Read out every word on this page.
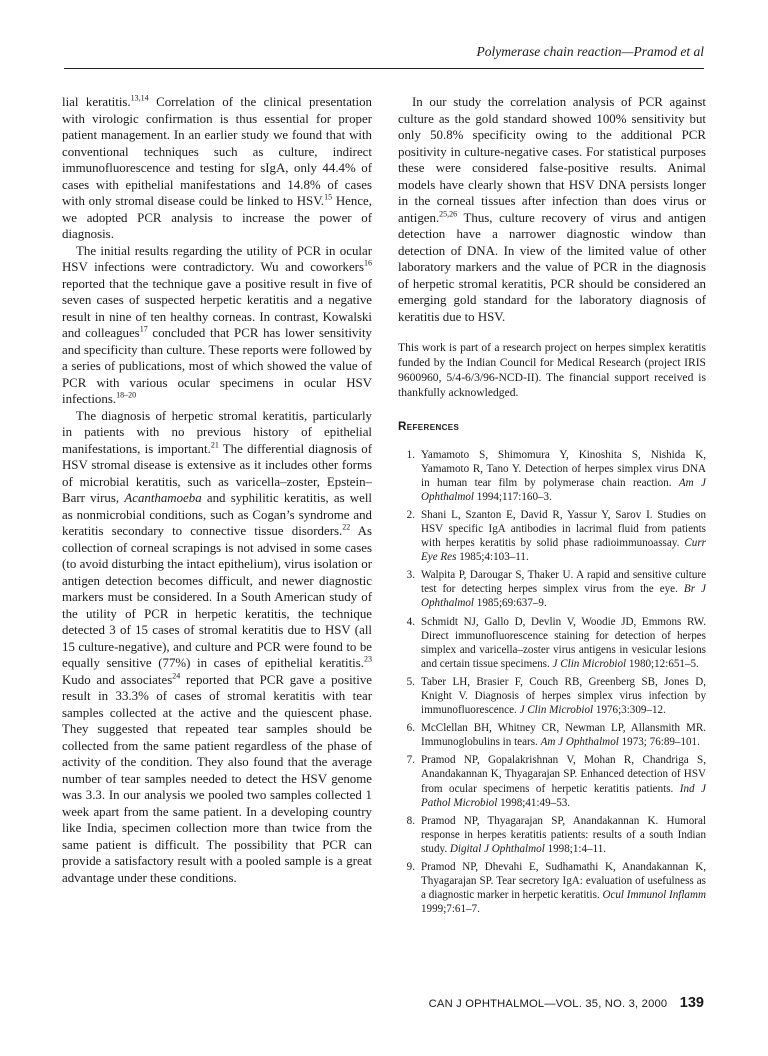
Polymerase chain reaction—Pramod et al

lial keratitis.$^{13,14}$ Correlation of the clinical presentation with virologic confirmation is thus essential for proper patient management. In an earlier study we found that with conventional techniques such as culture, indirect immunofluorescence and testing for sIgA, only 44.4% of cases with epithelial manifestations and 14.8% of cases with only stromal disease could be linked to HSV.$^{15}$ Hence, we adopted PCR analysis to increase the power of diagnosis.

The initial results regarding the utility of PCR in ocular HSV infections were contradictory. Wu and coworkers$^{16}$ reported that the technique gave a positive result in five of seven cases of suspected herpetic keratitis and a negative result in nine of ten healthy corneas. In contrast, Kowalski and colleagues$^{17}$ concluded that PCR has lower sensitivity and specificity than culture. These reports were followed by a series of publications, most of which showed the value of PCR with various ocular specimens in ocular HSV infections.$^{18-20}$

The diagnosis of herpetic stromal keratitis, particularly in patients with no previous history of epithelial manifestations, is important.$^{21}$ The differential diagnosis of HSV stromal disease is extensive as it includes other forms of microbial keratitis, such as varicella–zoster, Epstein–Barr virus, Acanthamoeba and syphilitic keratitis, as well as nonmicrobial conditions, such as Cogan’s syndrome and keratitis secondary to connective tissue disorders.$^{22}$ As collection of corneal scrapings is not advised in some cases (to avoid disturbing the intact epithelium), virus isolation or antigen detection becomes difficult, and newer diagnostic markers must be considered. In a South American study of the utility of PCR in herpetic keratitis, the technique detected 3 of 15 cases of stromal keratitis due to HSV (all 15 culture-negative), and culture and PCR were found to be equally sensitive (77%) in cases of epithelial keratitis.$^{23}$ Kudo and associates$^{24}$ reported that PCR gave a positive result in 33.3% of cases of stromal keratitis with tear samples collected at the active and the quiescent phase. They suggested that repeated tear samples should be collected from the same patient regardless of the phase of activity of the condition. They also found that the average number of tear samples needed to detect the HSV genome was 3.3. In our analysis we pooled two samples collected 1 week apart from the same patient. In a developing country like India, specimen collection more than twice from the same patient is difficult. The possibility that PCR can provide a satisfactory result with a pooled sample is a great advantage under these conditions.

In our study the correlation analysis of PCR against culture as the gold standard showed 100% sensitivity but only 50.8% specificity owing to the additional PCR positivity in culture-negative cases. For statistical purposes these were considered false-positive results. Animal models have clearly shown that HSV DNA persists longer in the corneal tissues after infection than does virus or antigen.$^{25,26}$ Thus, culture recovery of virus and antigen detection have a narrower diagnostic window than detection of DNA. In view of the limited value of other laboratory markers and the value of PCR in the diagnosis of herpetic stromal keratitis, PCR should be considered an emerging gold standard for the laboratory diagnosis of keratitis due to HSV.

This work is part of a research project on herpes simplex keratitis funded by the Indian Council for Medical Research (project IRIS 9600960, 5/4-6/3/96-NCD-II). The financial support received is thankfully acknowledged.

References
1. Yamamoto S, Shimomura Y, Kinoshita S, Nishida K, Yamamoto R, Tano Y. Detection of herpes simplex virus DNA in human tear film by polymerase chain reaction. Am J Ophthalmol 1994;117:160–3.
2. Shani L, Szanton E, David R, Yassur Y, Sarov I. Studies on HSV specific IgA antibodies in lacrimal fluid from patients with herpes keratitis by solid phase radioimmunoassay. Curr Eye Res 1985;4:103–11.
3. Walpita P, Darougar S, Thaker U. A rapid and sensitive culture test for detecting herpes simplex virus from the eye. Br J Ophthalmol 1985;69:637–9.
4. Schmidt NJ, Gallo D, Devlin V, Woodie JD, Emmons RW. Direct immunofluorescence staining for detection of herpes simplex and varicella–zoster virus antigens in vesicular lesions and certain tissue specimens. J Clin Microbiol 1980;12:651–5.
5. Taber LH, Brasier F, Couch RB, Greenberg SB, Jones D, Knight V. Diagnosis of herpes simplex virus infection by immunofluorescence. J Clin Microbiol 1976;3:309–12.
6. McClellan BH, Whitney CR, Newman LP, Allansmith MR. Immunoglobulins in tears. Am J Ophthalmol 1973; 76:89–101.
7. Pramod NP, Gopalakrishnan V, Mohan R, Chandriga S, Anandakannan K, Thyagarajan SP. Enhanced detection of HSV from ocular specimens of herpetic keratitis patients. Ind J Pathol Microbiol 1998;41:49–53.
8. Pramod NP, Thyagarajan SP, Anandakannan K. Humoral response in herpes keratitis patients: results of a south Indian study. Digital J Ophthalmol 1998;1:4–11.
9. Pramod NP, Dhevahi E, Sudhamathi K, Anandakannan K, Thyagarajan SP. Tear secretory IgA: evaluation of usefulness as a diagnostic marker in herpetic keratitis. Ocul Immunol Inflamm 1999;7:61–7.
CAN J OPHTHALMOL—VOL. 35, NO. 3, 2000 139
